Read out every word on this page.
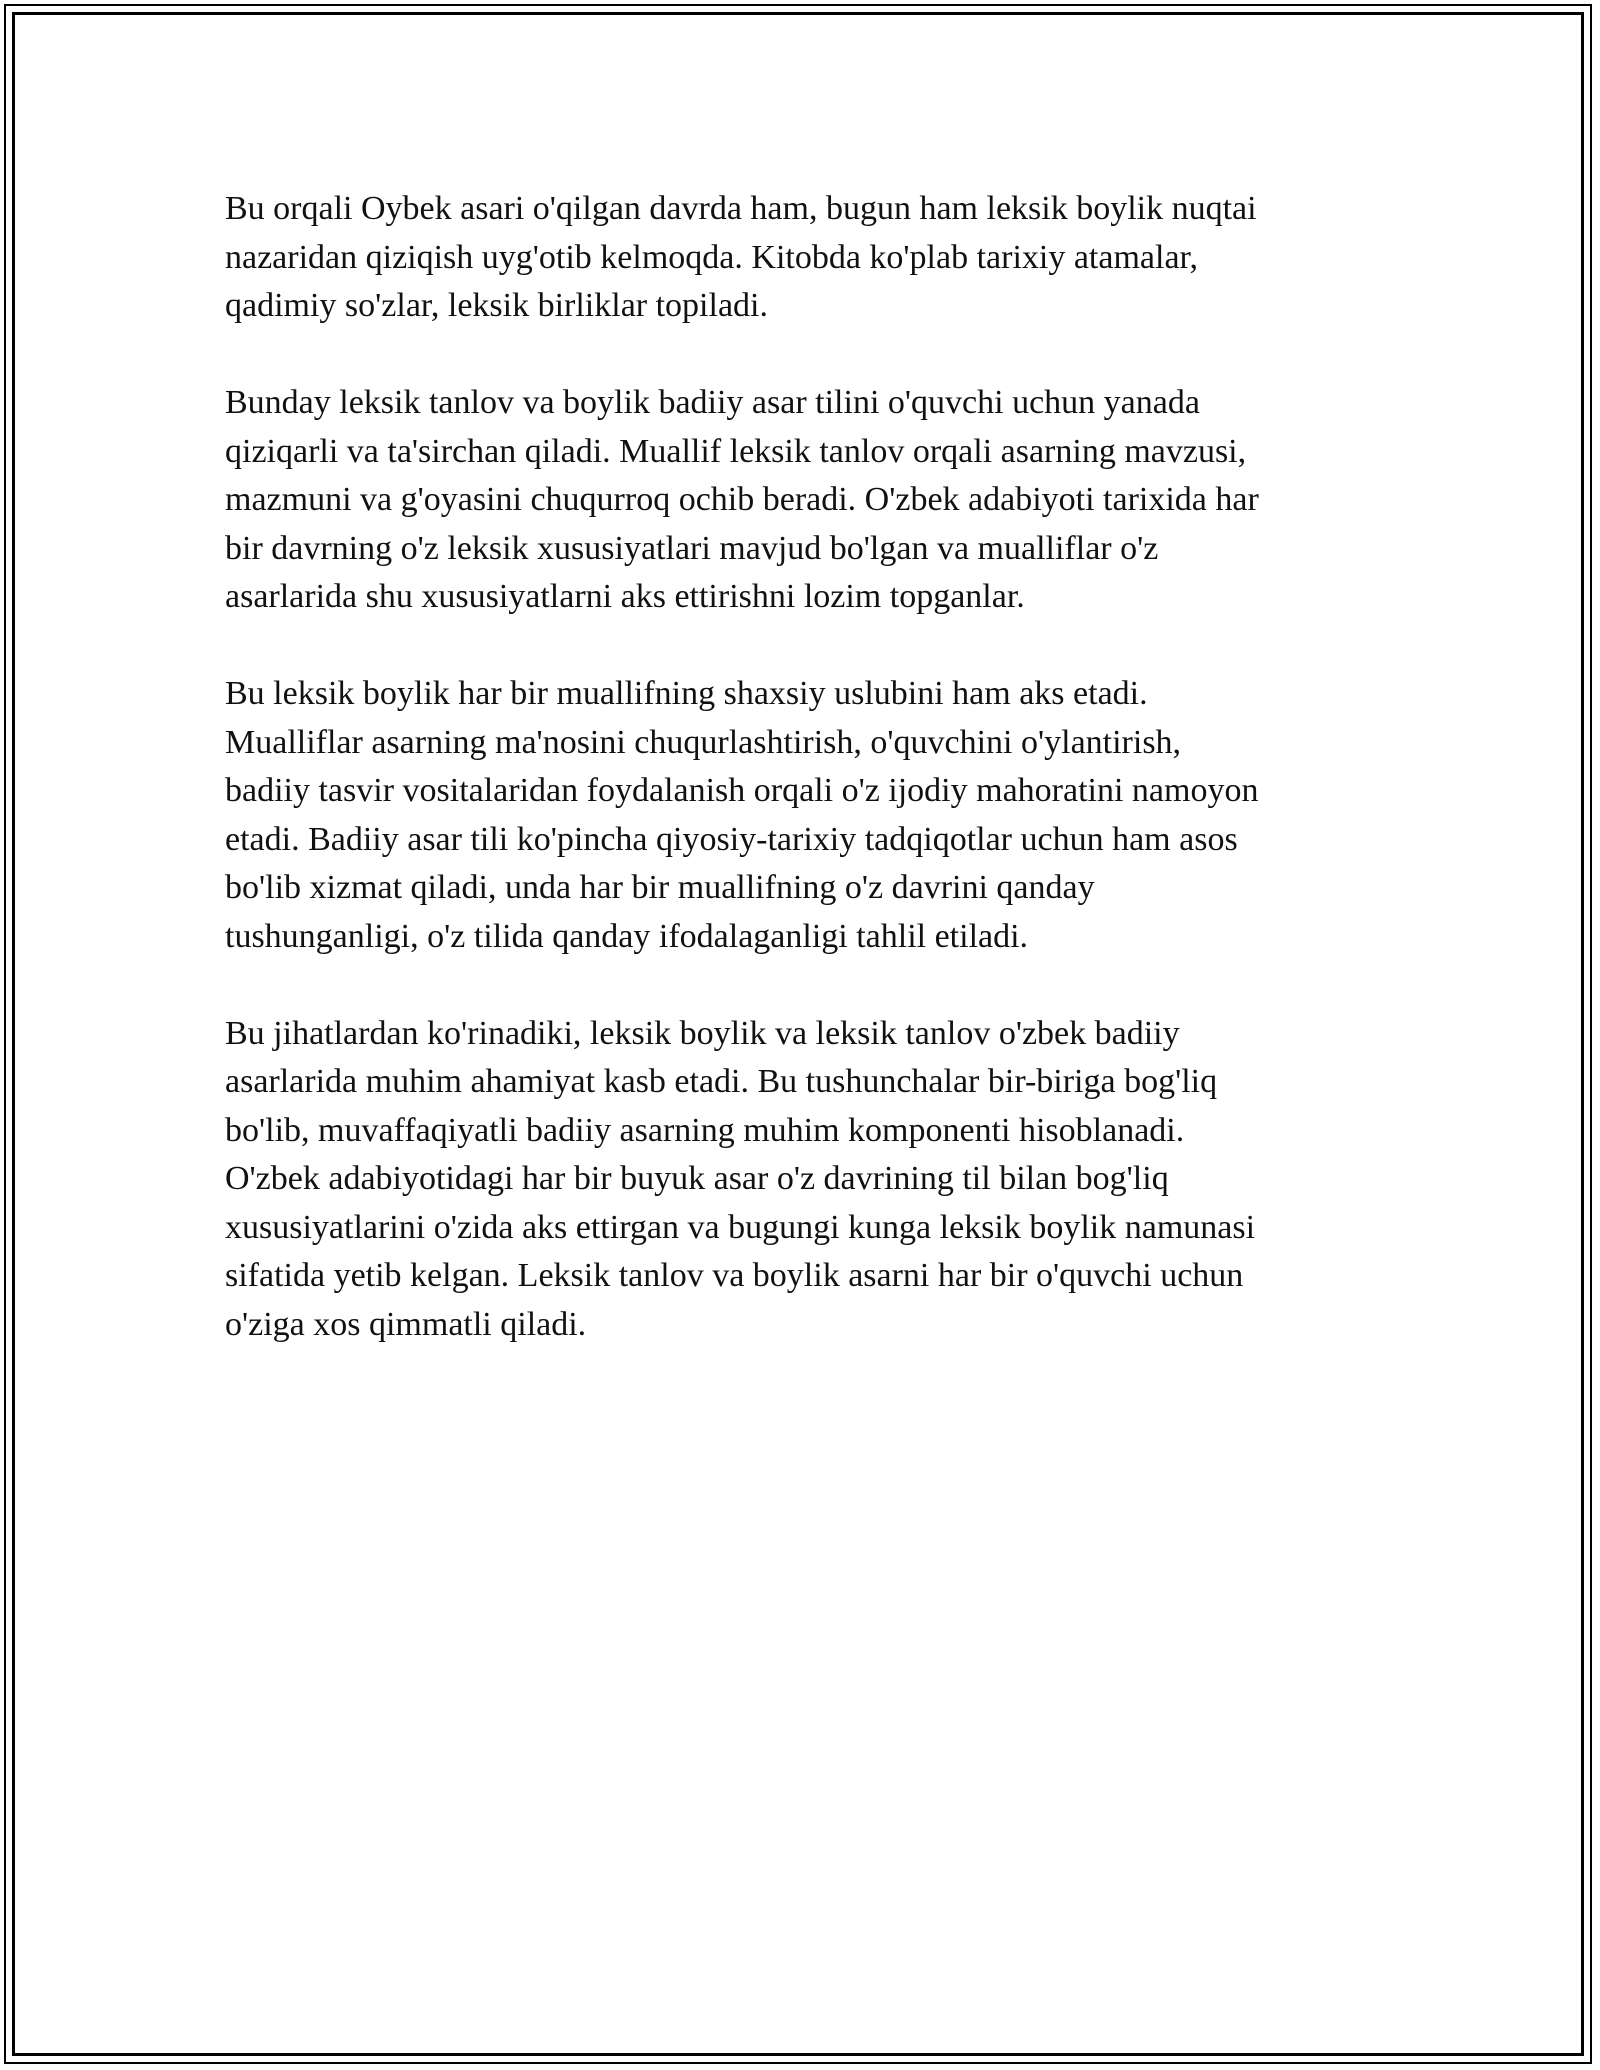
Bu orqali Oybek asari o'qilgan davrda ham, bugun ham leksik boylik nuqtai
nazaridan qiziqish uyg'otib kelmoqda. Kitobda ko'plab tarixiy atamalar,
qadimiy so'zlar, leksik birliklar topiladi.

Bunday leksik tanlov va boylik badiiy asar tilini o'quvchi uchun yanada
qiziqarli va ta'sirchan qiladi. Muallif leksik tanlov orqali asarning mavzusi,
mazmuni va g'oyasini chuqurroq ochib beradi. O'zbek adabiyoti tarixida har
bir davrning o'z leksik xususiyatlari mavjud bo'lgan va mualliflar o'z
asarlarida shu xususiyatlarni aks ettirishni lozim topganlar.

Bu leksik boylik har bir muallifning shaxsiy uslubini ham aks etadi.
Mualliflar asarning ma'nosini chuqurlashtirish, o'quvchini o'ylantirish,
badiiy tasvir vositalaridan foydalanish orqali o'z ijodiy mahoratini namoyon
etadi. Badiiy asar tili ko'pincha qiyosiy-tarixiy tadqiqotlar uchun ham asos
bo'lib xizmat qiladi, unda har bir muallifning o'z davrini qanday
tushunganligi, o'z tilida qanday ifodalaganligi tahlil etiladi.

Bu jihatlardan ko'rinadiki, leksik boylik va leksik tanlov o'zbek badiiy
asarlarida muhim ahamiyat kasb etadi. Bu tushunchalar bir-biriga bog'liq
bo'lib, muvaffaqiyatli badiiy asarning muhim komponenti hisoblanadi.
O'zbek adabiyotidagi har bir buyuk asar o'z davrining til bilan bog'liq
xususiyatlarini o'zida aks ettirgan va bugungi kunga leksik boylik namunasi
sifatida yetib kelgan. Leksik tanlov va boylik asarni har bir o'quvchi uchun
o'ziga xos qimmatli qiladi.
